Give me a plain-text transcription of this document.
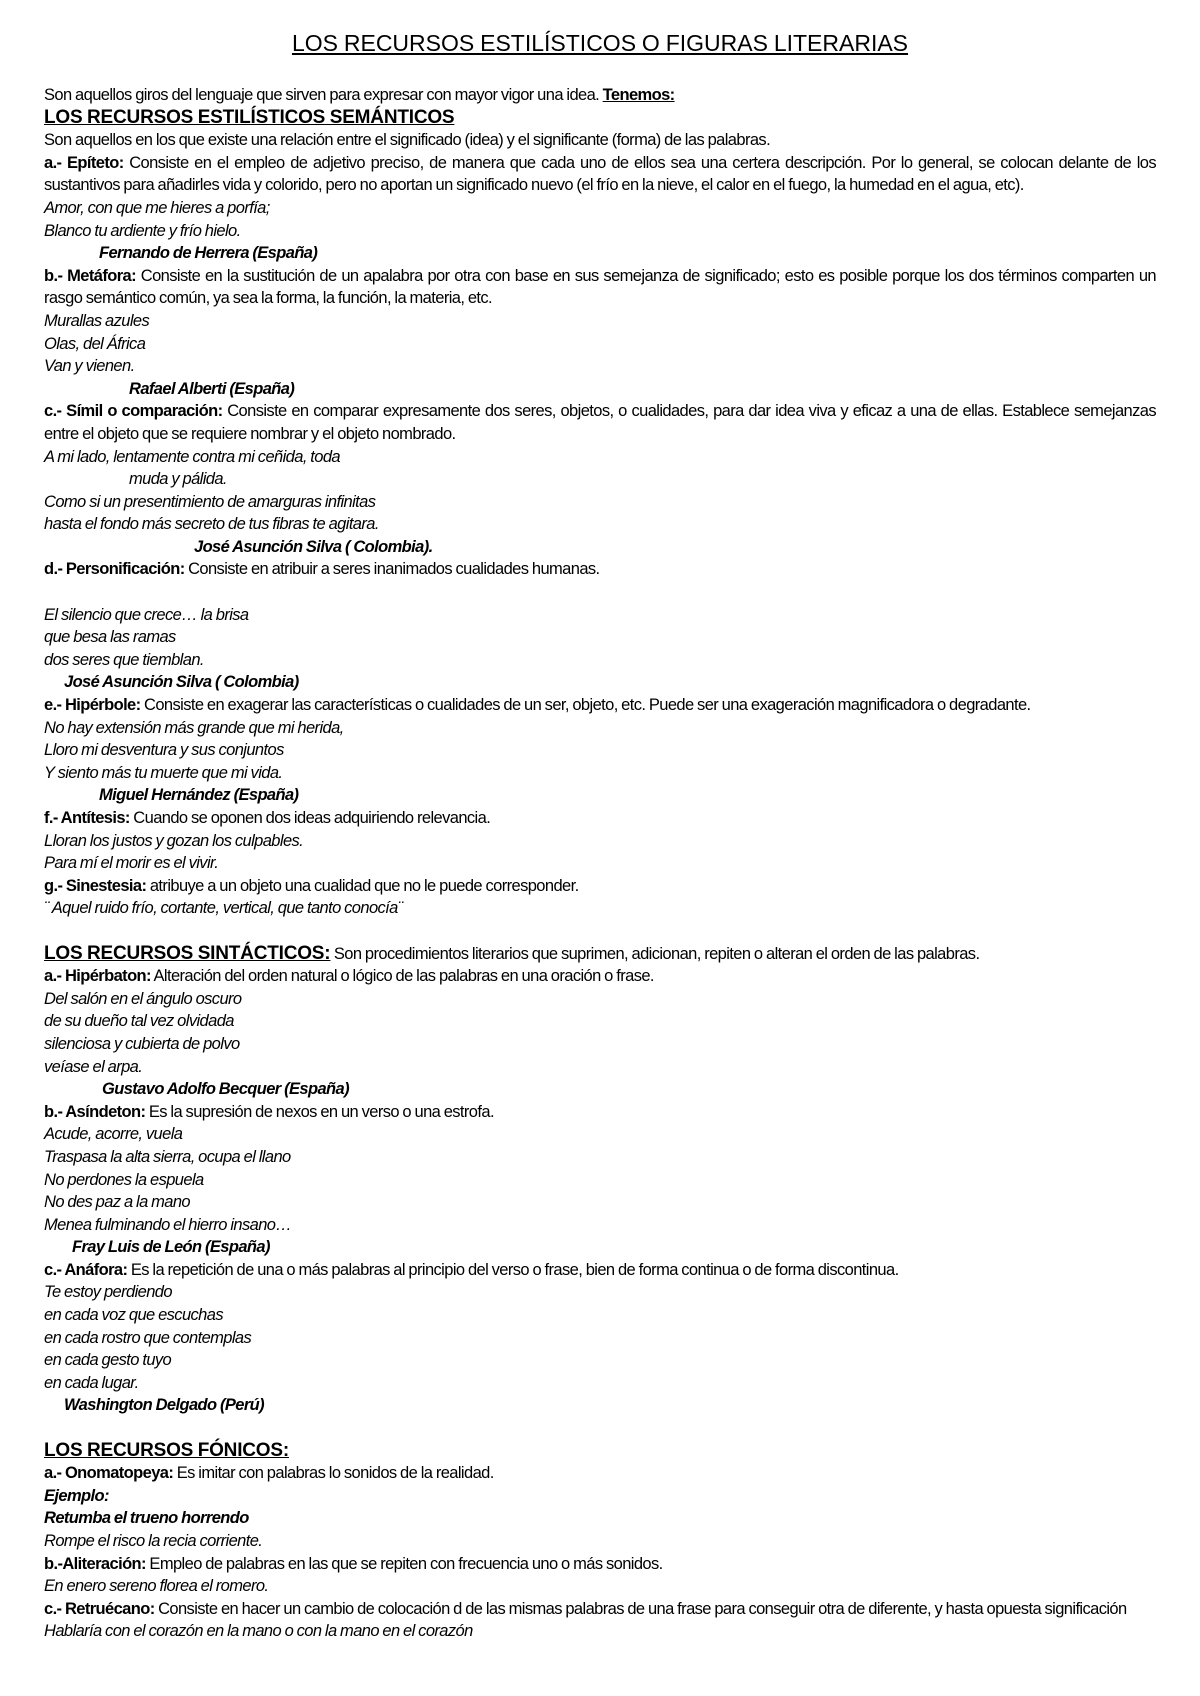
LOS RECURSOS ESTILÍSTICOS O FIGURAS LITERARIAS

Son aquellos giros del lenguaje que sirven para expresar con mayor vigor una idea. Tenemos:

LOS RECURSOS ESTILÍSTICOS SEMÁNTICOS

Son aquellos en los que existe una relación entre el significado (idea) y el significante (forma) de las palabras.

a.- Epíteto: Consiste en el empleo de adjetivo preciso, de manera que cada uno de ellos sea una certera descripción. Por lo general, se colocan delante de los sustantivos para añadirles vida y colorido, pero no aportan un significado nuevo (el frío en la nieve, el calor en el fuego, la humedad en el agua, etc).

Amor, con que me hieres a porfía;

Blanco tu ardiente y frío hielo.

Fernando de Herrera (España)

b.- Metáfora: Consiste en la sustitución de un apalabra por otra con base en sus semejanza de significado; esto es posible porque los dos términos comparten un rasgo semántico común, ya sea la forma, la función, la materia, etc.

Murallas azules

Olas, del África

Van y vienen.

Rafael Alberti (España)

c.- Símil o comparación: Consiste en comparar expresamente dos seres, objetos, o cualidades, para dar idea viva y eficaz a una de ellas. Establece semejanzas entre el objeto que se requiere nombrar y el objeto nombrado.

A mi lado, lentamente contra mi ceñida, toda

muda y pálida.

Como si un presentimiento de amarguras infinitas

hasta el fondo más secreto de tus fibras te agitara.

José Asunción Silva ( Colombia).

d.- Personificación: Consiste en atribuir a seres inanimados cualidades humanas.

El silencio que crece… la brisa

que besa las ramas

dos seres que tiemblan.

José Asunción Silva ( Colombia)

e.- Hipérbole: Consiste en exagerar las características o cualidades de un ser, objeto, etc. Puede ser una exageración magnificadora o degradante.

No hay extensión más grande que mi herida,

Lloro mi desventura y sus conjuntos

Y siento más tu muerte que mi vida.

Miguel Hernández (España)

f.- Antítesis: Cuando se oponen dos ideas adquiriendo relevancia.

Lloran los justos y gozan los culpables.

Para mí el morir es el vivir.

g.- Sinestesia: atribuye a un objeto una cualidad que no le puede corresponder.

¨ Aquel ruido frío, cortante, vertical, que tanto conocía¨

LOS RECURSOS SINTÁCTICOS: Son procedimientos literarios que suprimen, adicionan, repiten o alteran el orden de las palabras.

a.- Hipérbaton: Alteración del orden natural o lógico de las palabras en una oración o frase.

Del salón en el ángulo oscuro

de su dueño tal vez olvidada

silenciosa y cubierta de polvo

veíase el arpa.

Gustavo Adolfo Becquer (España)

b.- Asíndeton: Es la supresión de nexos en un verso o una estrofa.

Acude, acorre, vuela

Traspasa la alta sierra, ocupa el llano

No perdones la espuela

No des paz a la mano

Menea fulminando el hierro insano…

Fray Luis de León (España)

c.- Anáfora: Es la repetición de una o más palabras al principio del verso o frase, bien de forma continua o de forma discontinua.

Te estoy perdiendo

en cada voz que escuchas

en cada rostro que contemplas

en cada gesto tuyo

en cada lugar.

Washington Delgado (Perú)

LOS RECURSOS FÓNICOS:

a.- Onomatopeya: Es imitar con palabras lo sonidos de la realidad.

Ejemplo:

Retumba el trueno horrendo

Rompe el risco la recia corriente.

b.-Aliteración: Empleo de palabras en las que se repiten con frecuencia uno o más sonidos.

En enero sereno florea el romero.

c.- Retruécano: Consiste en hacer un cambio de colocación d de las mismas palabras de una frase para conseguir otra de diferente, y hasta opuesta significación

Hablaría con el corazón en la mano o con la mano en el corazón
